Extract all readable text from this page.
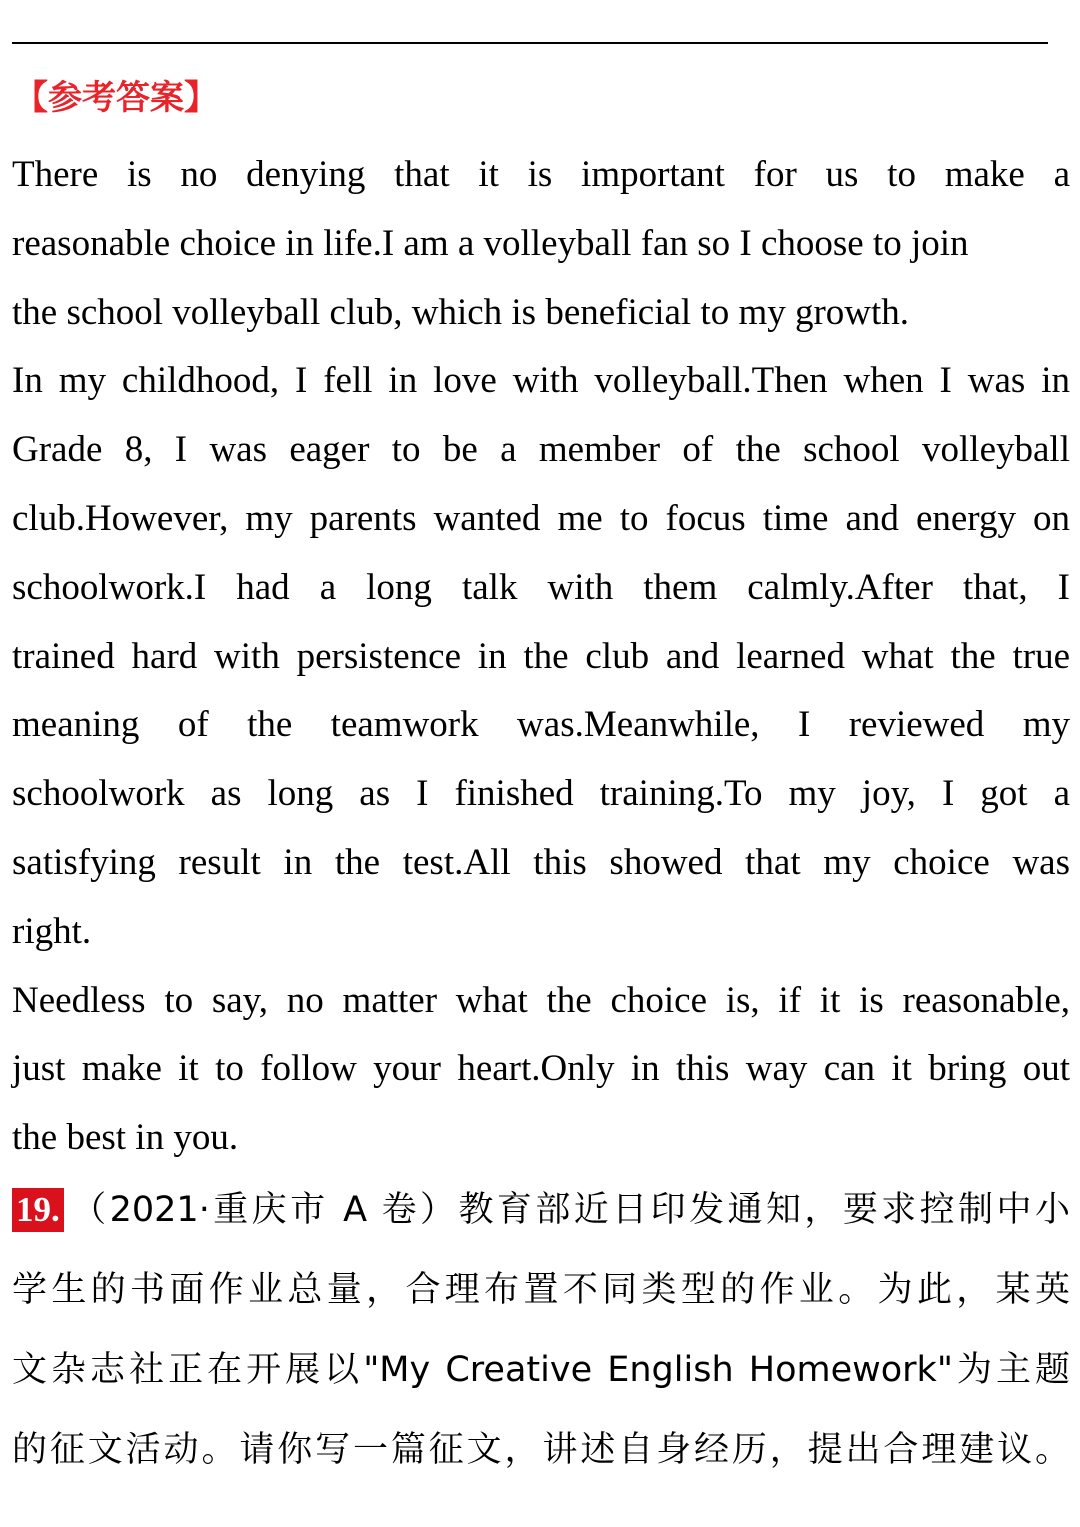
【参考答案】
There is no denying that it is important for us to make a
reasonable choice in life.I am a volleyball fan so I choose to join
the school volleyball club, which is beneficial to my growth.
In my childhood, I fell in love with volleyball.Then when I was in
Grade 8, I was eager to be a member of the school volleyball
club.However, my parents wanted me to focus time and energy on
schoolwork.I had a long talk with them calmly.After that, I
trained hard with persistence in the club and learned what the true
meaning of the teamwork was.Meanwhile, I reviewed my
schoolwork as long as I finished training.To my joy, I got a
satisfying result in the test.All this showed that my choice was
right.
Needless to say, no matter what the choice is, if it is reasonable,
just make it to follow your heart.Only in this way can it bring out
the best in you.
19. （2021·重庆市 A 卷）教育部近日印发通知，要求控制中小
学生的书面作业总量，合理布置不同类型的作业。为此，某英
文杂志社正在开展以"My Creative English Homework"为主题
的征文活动。请你写一篇征文，讲述自身经历，提出合理建议。
